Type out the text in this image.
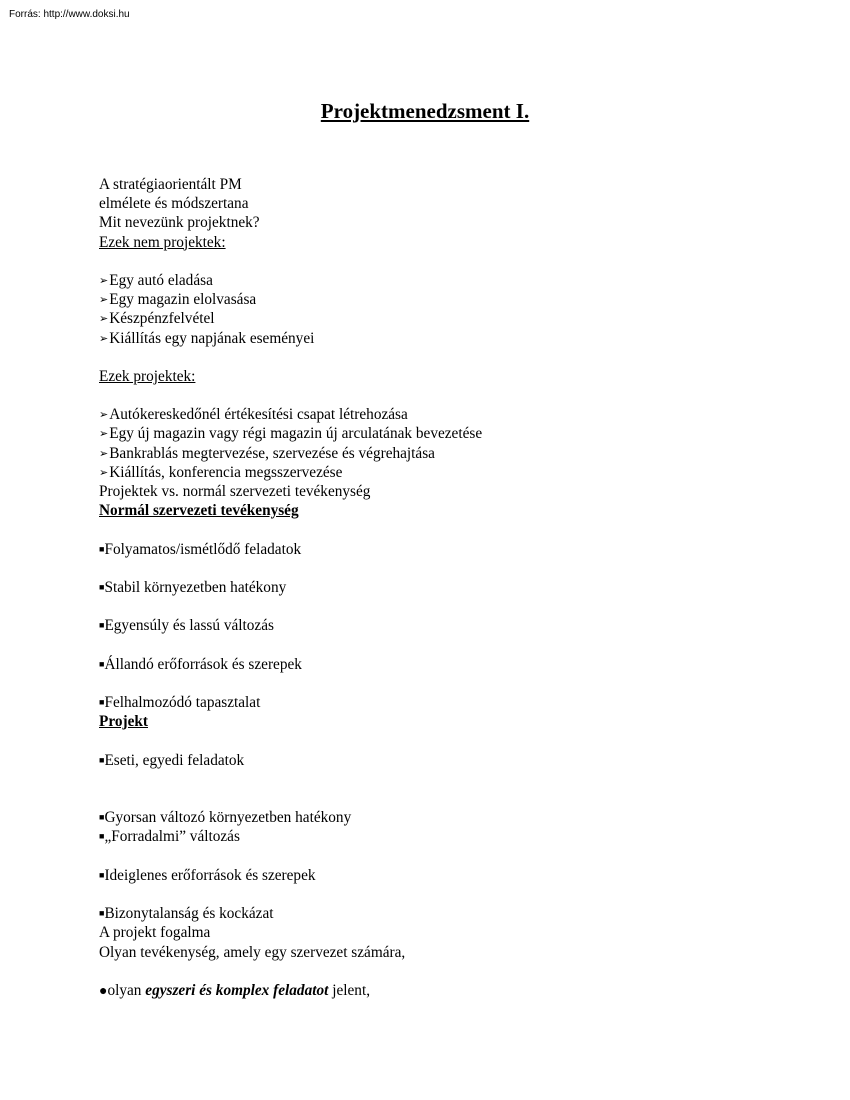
Forrás: http://www.doksi.hu
Projektmenedzsment I.
A stratégiaorientált PM
elmélete és módszertana
Mit nevezünk projektnek?
Ezek nem projektek:
➢Egy autó eladása
➢Egy magazin elolvasása
➢Készpénzfelvétel
➢Kiállítás egy napjának eseményei
Ezek projektek:
➢Autókereskedőnél értékesítési csapat létrehozása
➢Egy új magazin vagy régi magazin új arculatának bevezetése
➢Bankrablás megtervezése, szervezése és végrehajtása
➢Kiállítás, konferencia megsszervezése
Projektek vs. normál szervezeti tevékenység
Normál szervezeti tevékenység
■Folyamatos/ismétlődő feladatok
■Stabil környezetben hatékony
■Egyensúly és lassú változás
■Állandó erőforrások és szerepek
■Felhalmozódó tapasztalat
Projekt
■Eseti, egyedi feladatok
■Gyorsan változó környezetben hatékony
■„Forradalmi” változás
■Ideiglenes erőforrások és szerepek
■Bizonytalanság és kockázat
A projekt fogalma
Olyan tevékenység, amely egy szervezet számára,
●olyan egyszeri és komplex feladatot jelent,
